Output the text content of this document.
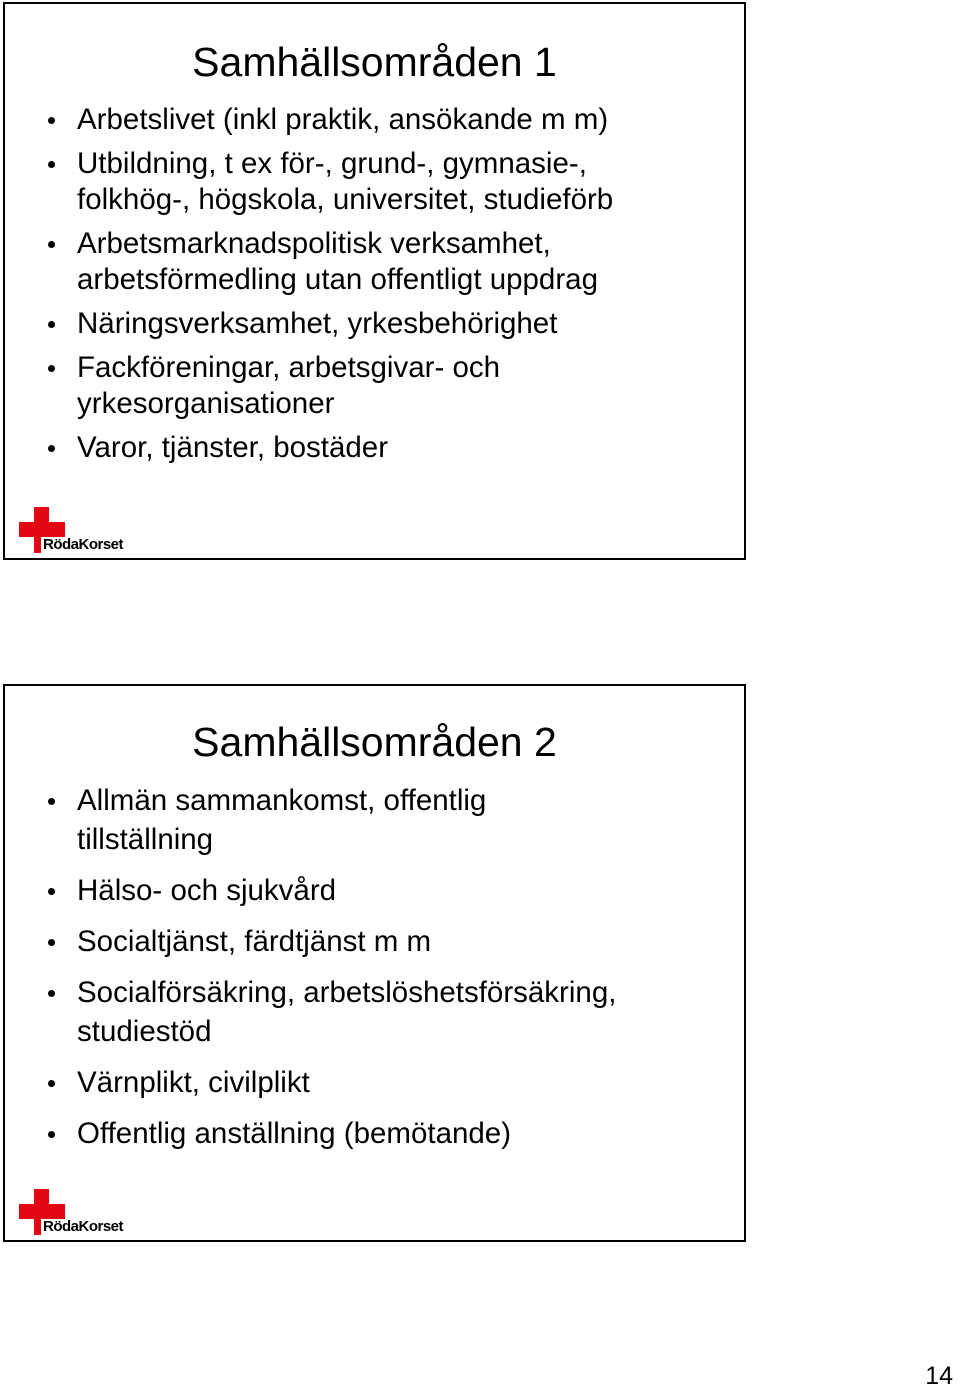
Samhällsområden 1
Arbetslivet (inkl praktik, ansökande m m)
Utbildning, t ex för-, grund-, gymnasie-,
folkhög-, högskola, universitet, studieförb
Arbetsmarknadspolitisk verksamhet,
arbetsförmedling utan offentligt uppdrag
Näringsverksamhet, yrkesbehörighet
Fackföreningar, arbetsgivar- och
yrkesorganisationer
Varor, tjänster, bostäder
RödaKorset
Samhällsområden 2
Allmän sammankomst, offentlig
tillställning
Hälso- och sjukvård
Socialtjänst, färdtjänst m m
Socialförsäkring, arbetslöshetsförsäkring,
studiestöd
Värnplikt, civilplikt
Offentlig anställning (bemötande)
RödaKorset
14
